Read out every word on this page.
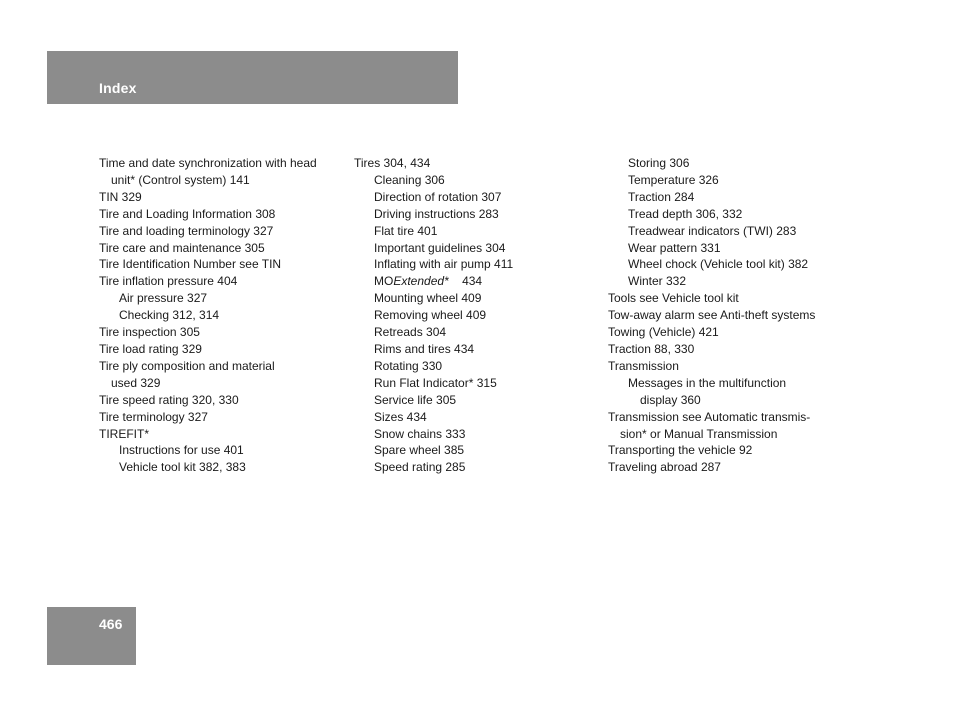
Index
Time and date synchronization with head
unit* (Control system) 141
TIN 329
Tire and Loading Information 308
Tire and loading terminology 327
Tire care and maintenance 305
Tire Identification Number see TIN
Tire inflation pressure 404
Air pressure 327
Checking 312, 314
Tire inspection 305
Tire load rating 329
Tire ply composition and material
used 329
Tire speed rating 320, 330
Tire terminology 327
TIREFIT*
Instructions for use 401
Vehicle tool kit 382, 383
Tires 304, 434
Cleaning 306
Direction of rotation 307
Driving instructions 283
Flat tire 401
Important guidelines 304
Inflating with air pump 411
MOExtended*    434
Mounting wheel 409
Removing wheel 409
Retreads 304
Rims and tires 434
Rotating 330
Run Flat Indicator* 315
Service life 305
Sizes 434
Snow chains 333
Spare wheel 385
Speed rating 285
Storing 306
Temperature 326
Traction 284
Tread depth 306, 332
Treadwear indicators (TWI) 283
Wear pattern 331
Wheel chock (Vehicle tool kit) 382
Winter 332
Tools see Vehicle tool kit
Tow-away alarm see Anti-theft systems
Towing (Vehicle) 421
Traction 88, 330
Transmission
Messages in the multifunction
display 360
Transmission see Automatic transmis-
sion* or Manual Transmission
Transporting the vehicle 92
Traveling abroad 287
466
